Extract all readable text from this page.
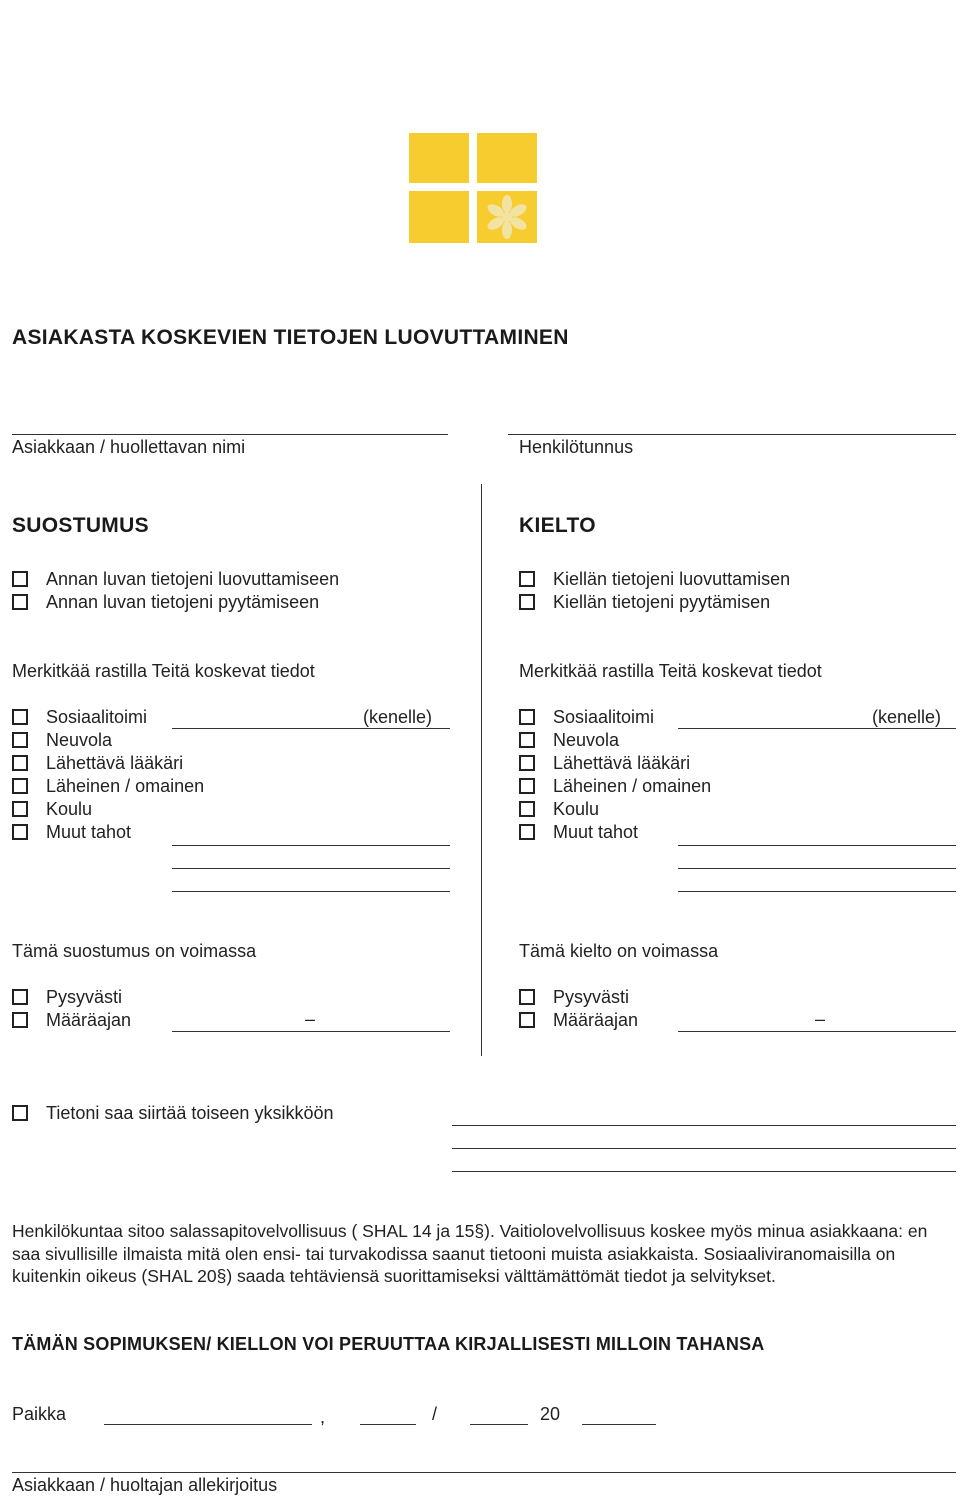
ASIAKASTA KOSKEVIEN TIETOJEN LUOVUTTAMINEN
Asiakkaan / huollettavan nimi	Henkilötunnus
SUOSTUMUS
Annan luvan tietojeni luovuttamiseen
Annan luvan tietojeni pyytämiseen
Merkitkää rastilla Teitä koskevat tiedot
Sosiaalitoimi	(kenelle)
Neuvola
Lähettävä lääkäri
Läheinen / omainen
Koulu
Muut tahot
Tämä suostumus on voimassa
Pysyvästi
Määräajan	–
KIELTO
Kiellän tietojeni luovuttamisen
Kiellän tietojeni pyytämisen
Merkitkää rastilla Teitä koskevat tiedot
Sosiaalitoimi	(kenelle)
Neuvola
Lähettävä lääkäri
Läheinen / omainen
Koulu
Muut tahot
Tämä kielto on voimassa
Pysyvästi
Määräajan	–
Tietoni saa siirtää toiseen yksikköön
Henkilökuntaa sitoo salassapitovelvollisuus ( SHAL 14 ja 15§). Vaitiolovelvollisuus koskee myös minua asiakkaana: en saa sivullisille ilmaista mitä olen ensi- tai turvakodissa saanut tietooni muista asiakkaista. Sosiaaliviranomaisilla on kuitenkin oikeus (SHAL 20§) saada tehtäviensä suorittamiseksi välttämättömät tiedot ja selvitykset.
TÄMÄN SOPIMUKSEN/ KIELLON VOI PERUUTTAA KIRJALLISESTI MILLOIN TAHANSA
Paikka	,	/	20
Asiakkaan / huoltajan allekirjoitus
